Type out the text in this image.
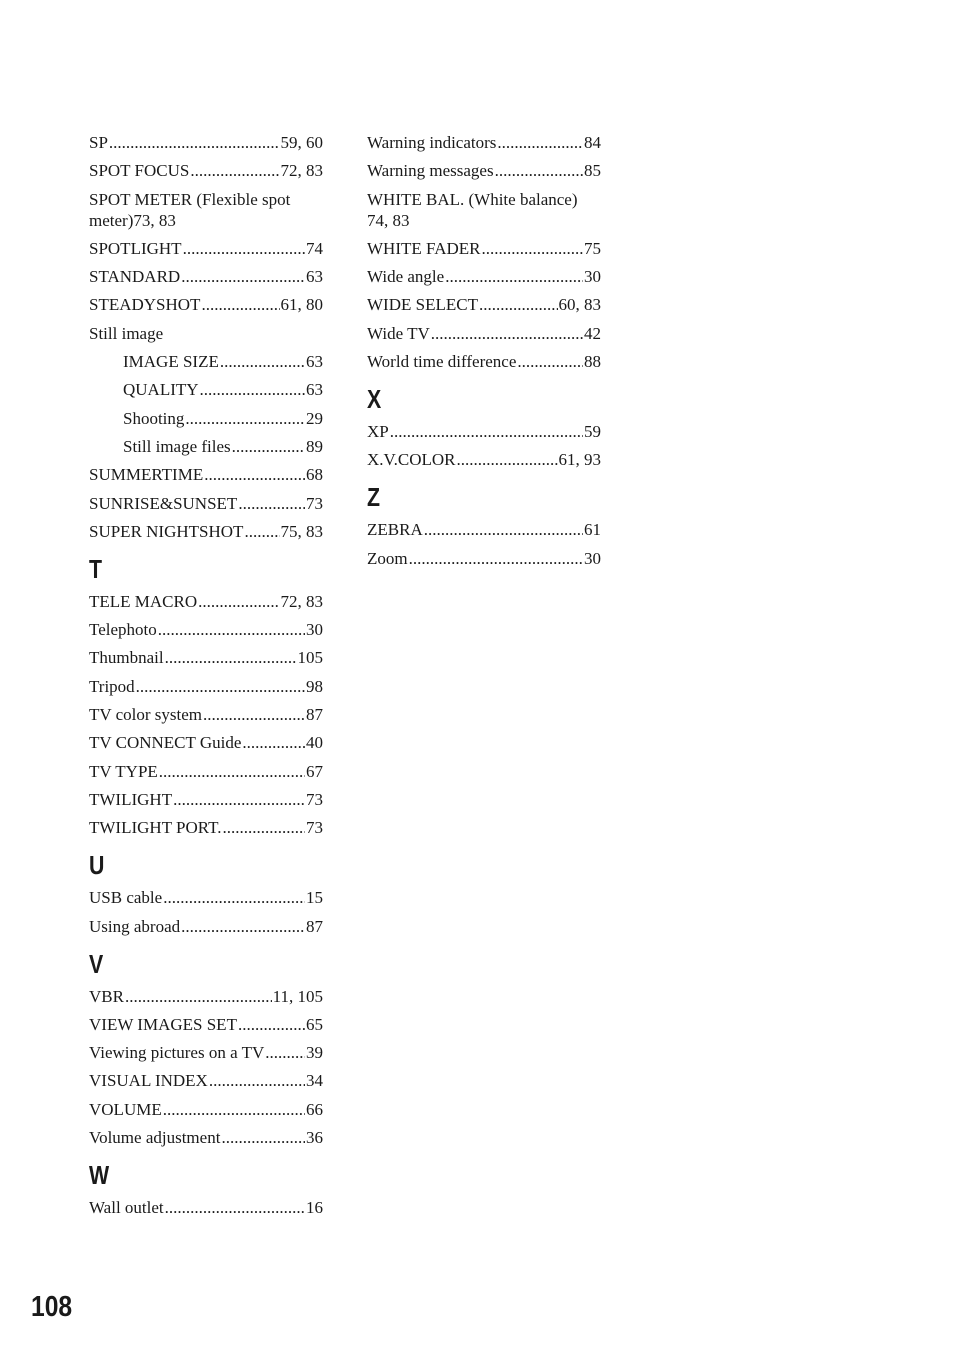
SP .....	59, 60
SPOT FOCUS .....	72, 83
SPOT METER (Flexible spot
meter) 73, 83
SPOTLIGHT .....	74
STANDARD .....	63
STEADYSHOT .....	61, 80
Still image
IMAGE SIZE .....	63
QUALITY .....	63
Shooting .....	29
Still image files .....	89
SUMMERTIME .....	68
SUNRISE&SUNSET .....	73
SUPER NIGHTSHOT ..... 75, 83
T
TELE MACRO .....	72, 83
Telephoto .....	30
Thumbnail .....	105
Tripod .....	98
TV color system .....	87
TV CONNECT Guide .....	40
TV TYPE .....	67
TWILIGHT .....	73
TWILIGHT PORT. .....	73
U
USB cable .....	15
Using abroad .....	87
V
VBR .....	11, 105
VIEW IMAGES SET .....	65
Viewing pictures on a TV ..... 39
VISUAL INDEX .....	34
VOLUME .....	66
Volume adjustment .....	36
W
Wall outlet .....	16
Warning indicators .....	84
Warning messages .....	85
WHITE BAL. (White balance)
74, 83
WHITE FADER .....	75
Wide angle .....	30
WIDE SELECT .....	60, 83
Wide TV .....	42
World time difference .....	88
X
XP .....	59
X.V.COLOR .....	61, 93
Z
ZEBRA .....	61
Zoom .....	30
108
